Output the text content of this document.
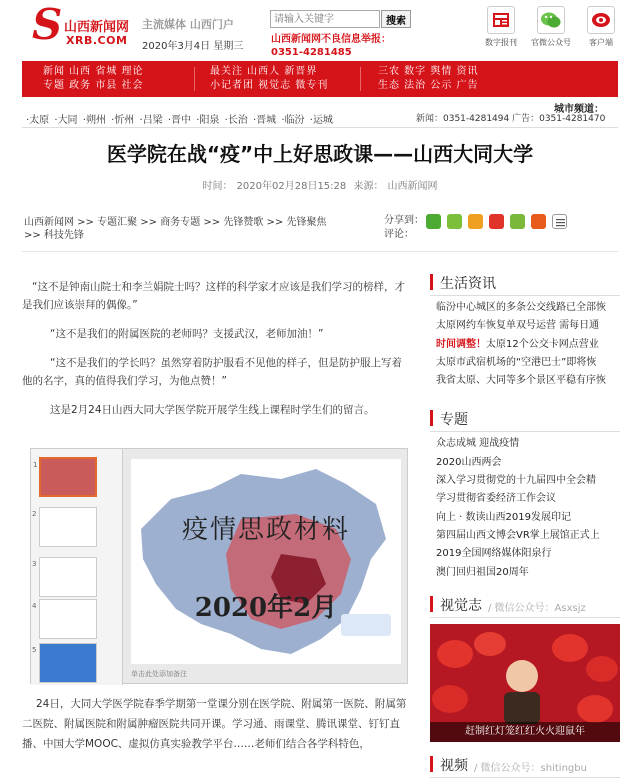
S 山西新闻网
XRB.COM
主流媒体 山西门户
2020年3月4日 星期三
请输入关键字
搜索
山西新闻网不良信息举报：
0351-4281485
数字报刊	官微公众号	客户端
新闻 山西 省城 理论
专题 政务 市县 社会
最关注 山西人 新晋界
小记者团 视觉志 微专刊
三农 数字 舆情 资讯
生态 法治 公示 广告
城市频道：
·太原 ·大同 ·朔州 ·忻州 ·吕梁 ·晋中 ·阳泉 ·长治 ·晋城 ·临汾 ·运城	新闻：0351-4281494 广告：0351-4281470
医学院在战“疫”中上好思政课——山西大同大学
时间： 2020年02月28日15:28 来源： 山西新闻网
山西新闻网 >> 专题汇聚 >> 商务专题 >> 先锋赞歌 >> 先锋聚焦
>> 科技先锋
分享到：
评论：

“这不是钟南山院士和李兰娟院士吗？这样的科学家才应该是我们学习的榜样，才是我们应该崇拜的偶像。”

“这不是我们的附属医院的老师吗？支援武汉，老师加油！”

“这不是我们的学长吗？虽然穿着防护服看不见他的样子，但是防护服上写着他的名字，真的值得我们学习，为他点赞！”

这是2月24日山西大同大学医学院开展学生线上课程时学生们的留言。

1
2
3
4
5
疫情思政材料
2020年2月
单击此处添加备注
24日，大同大学医学院春季学期第一堂课分别在医学院、附属第一医院、附属第二医院、附属医院和附属肿瘤医院共同开课。学习通、雨课堂、腾讯课堂、钉钉直播、中国大学MOOC、虚拟仿真实验教学平台……老师们结合各学科特色，
生活资讯
临汾中心城区的多条公交线路已全部恢
太原网约车恢复单双号运营 需每日通
时间调整！太原12个公交卡网点营业
太原市武宿机场的“空港巴士”即将恢
我省太原、大同等多个景区平稳有序恢
专题
众志成城 迎战疫情
2020山西两会
深入学习贯彻党的十九届四中全会精
学习贯彻省委经济工作会议
向上 · 数读山西2019发展印记
第四届山西文博会VR掌上展馆正式上
2019全国网络媒体阳泉行
澳门回归祖国20周年
视觉志 / 微信公众号：Asxsjz
赶制红灯笼红红火火迎鼠年
视频 / 微信公众号：shitingbu
